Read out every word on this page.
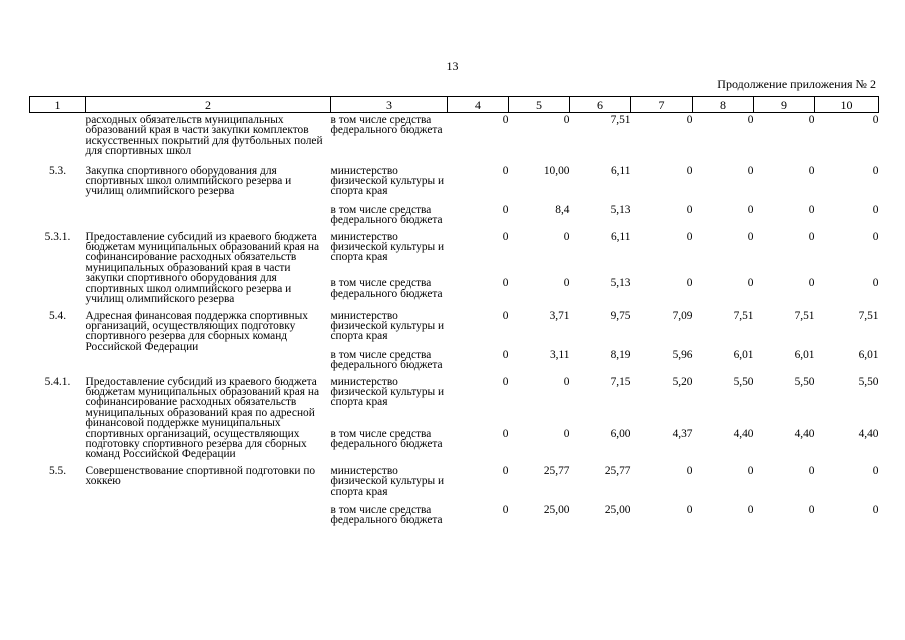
13
Продолжение приложения № 2
1	2	3	4	5	6	7	8	9	10
	расходных обязательств муниципальных образований края в части закупки комплектов искусственных покрытий для футбольных полей для спортивных школ	в том числе средства федерального бюджета	0	0	7,51	0	0	0	0
5.3.	Закупка спортивного оборудования для спортивных школ олимпийского резерва и училищ олимпийского резерва	министерство физической культуры и спорта края	0	10,00	6,11	0	0	0	0
		в том числе средства федерального бюджета	0	8,4	5,13	0	0	0	0
5.3.1.	Предоставление субсидий из краевого бюджета бюджетам муниципальных образований края на софинансирование расходных обязательств муниципальных образований края в части закупки спортивного оборудования для спортивных школ олимпийского резерва и училищ олимпийского резерва	министерство физической культуры и спорта края	0	0	6,11	0	0	0	0
		в том числе средства федерального бюджета	0	0	5,13	0	0	0	0
5.4.	Адресная финансовая поддержка спортивных организаций, осуществляющих подготовку спортивного резерва для сборных команд Российской Федерации	министерство физической культуры и спорта края	0	3,71	9,75	7,09	7,51	7,51	7,51
		в том числе средства федерального бюджета	0	3,11	8,19	5,96	6,01	6,01	6,01
5.4.1.	Предоставление субсидий из краевого бюджета бюджетам муниципальных образований края на софинансирование расходных обязательств муниципальных образований края по адресной финансовой поддержке муниципальных спортивных организаций, осуществляющих подготовку спортивного резерва для сборных команд Российской Федерации	министерство физической культуры и спорта края	0	0	7,15	5,20	5,50	5,50	5,50
		в том числе средства федерального бюджета	0	0	6,00	4,37	4,40	4,40	4,40
5.5.	Совершенствование спортивной подготовки по хоккею	министерство физической культуры и спорта края	0	25,77	25,77	0	0	0	0
		в том числе средства федерального бюджета	0	25,00	25,00	0	0	0	0
